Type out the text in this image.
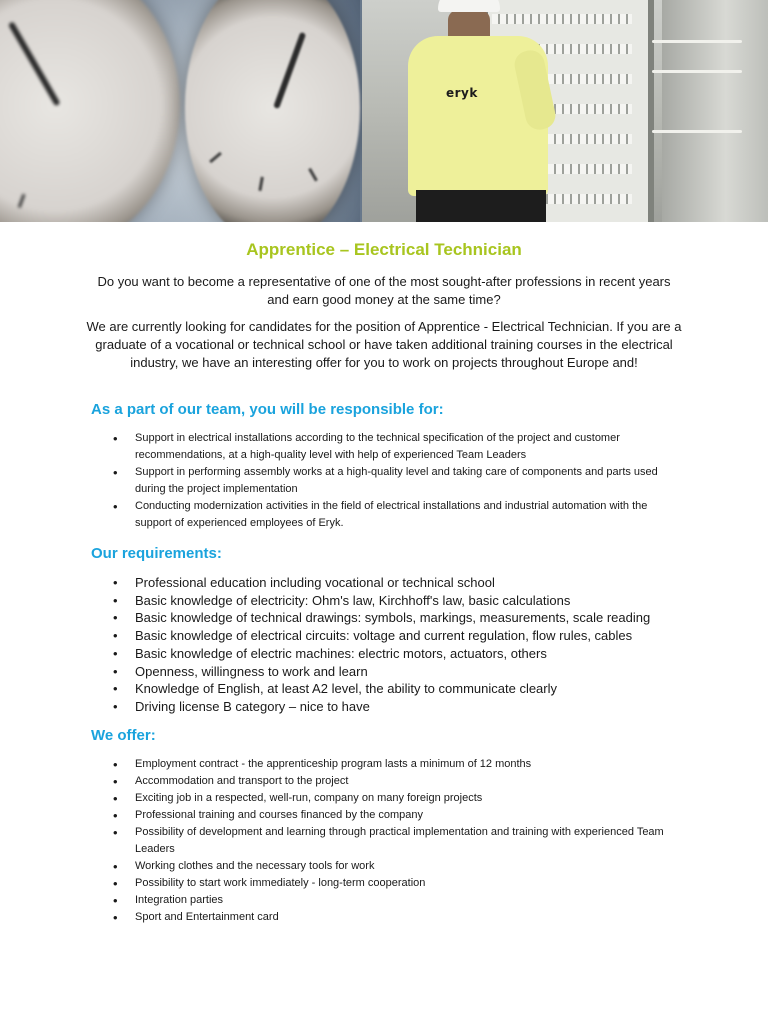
eryk
Apprentice – Electrical Technician

Do you want to become a representative of one of the most sought-after professions in recent years and earn good money at the same time?

We are currently looking for candidates for the position of Apprentice - Electrical Technician. If you are a graduate of a vocational or technical school or have taken additional training courses in the electrical industry, we have an interesting offer for you to work on projects throughout Europe and!

As a part of our team, you will be responsible for:
• Support in electrical installations according to the technical specification of the project and customer recommendations, at a high-quality level with help of experienced Team Leaders
• Support in performing assembly works at a high-quality level and taking care of components and parts used during the project implementation
• Conducting modernization activities in the field of electrical installations and industrial automation with the support of experienced employees of Eryk.
Our requirements:
• Professional education including vocational or technical school
• Basic knowledge of electricity: Ohm's law, Kirchhoff's law, basic calculations
• Basic knowledge of technical drawings: symbols, markings, measurements, scale reading
• Basic knowledge of electrical circuits: voltage and current regulation, flow rules, cables
• Basic knowledge of electric machines: electric motors, actuators, others
• Openness, willingness to work and learn
• Knowledge of English, at least A2 level, the ability to communicate clearly
• Driving license B category – nice to have
We offer:
• Employment contract - the apprenticeship program lasts a minimum of 12 months
• Accommodation and transport to the project
• Exciting job in a respected, well-run, company on many foreign projects
• Professional training and courses financed by the company
• Possibility of development and learning through practical implementation and training with experienced Team Leaders
• Working clothes and the necessary tools for work
• Possibility to start work immediately - long-term cooperation
• Integration parties
• Sport and Entertainment card
